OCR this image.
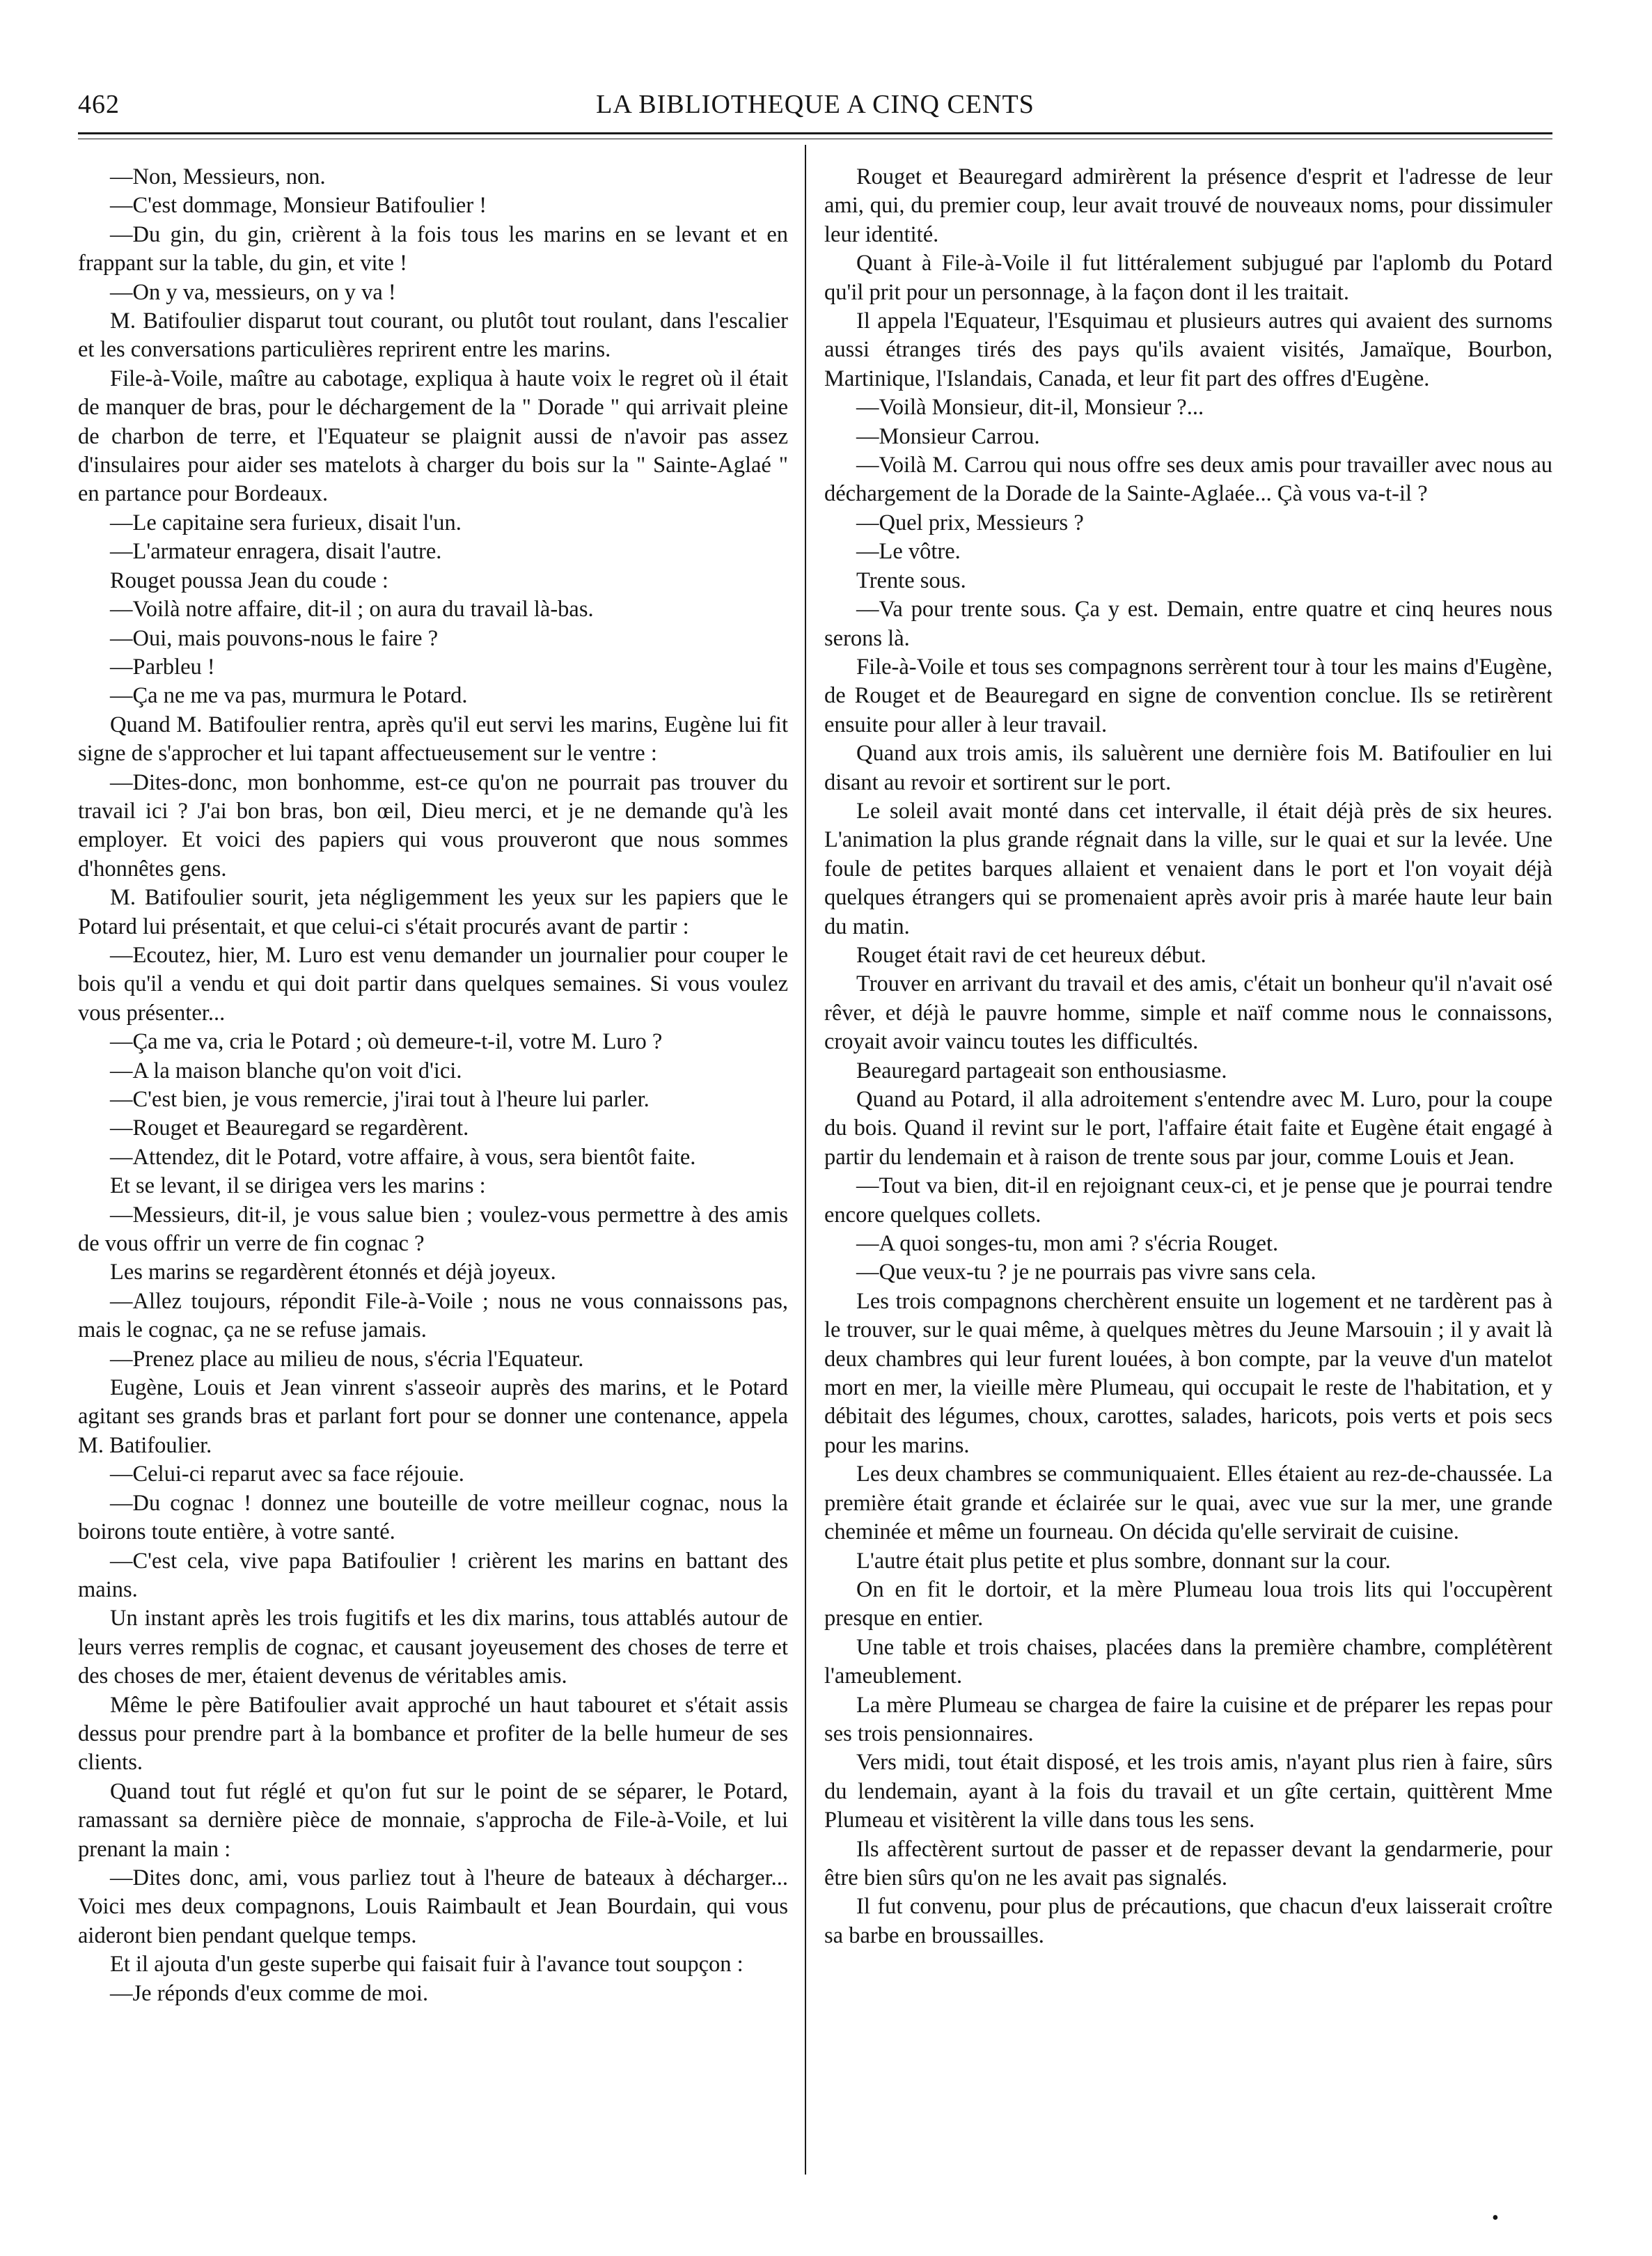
462	LA BIBLIOTHEQUE A CINQ CENTS

—Non, Messieurs, non.

—C'est dommage, Monsieur Batifoulier !

—Du gin, du gin, crièrent à la fois tous les marins en se levant et en frappant sur la table, du gin, et vite !

—On y va, messieurs, on y va !

M. Batifoulier disparut tout courant, ou plutôt tout roulant, dans l'escalier et les conversations particulières reprirent entre les marins.

File-à-Voile, maître au cabotage, expliqua à haute voix le regret où il était de manquer de bras, pour le déchargement de la " Dorade " qui arrivait pleine de charbon de terre, et l'Equateur se plaignit aussi de n'avoir pas assez d'insulaires pour aider ses matelots à charger du bois sur la " Sainte-Aglaé " en partance pour Bordeaux.

—Le capitaine sera furieux, disait l'un.

—L'armateur enragera, disait l'autre.

Rouget poussa Jean du coude :

—Voilà notre affaire, dit-il ; on aura du travail là-bas.

—Oui, mais pouvons-nous le faire ?

—Parbleu !

—Ça ne me va pas, murmura le Potard.

Quand M. Batifoulier rentra, après qu'il eut servi les marins, Eugène lui fit signe de s'approcher et lui tapant affectueusement sur le ventre :

—Dites-donc, mon bonhomme, est-ce qu'on ne pourrait pas trouver du travail ici ? J'ai bon bras, bon œil, Dieu merci, et je ne demande qu'à les employer. Et voici des papiers qui vous prouveront que nous sommes d'honnêtes gens.

M. Batifoulier sourit, jeta négligemment les yeux sur les papiers que le Potard lui présentait, et que celui-ci s'était procurés avant de partir :

—Ecoutez, hier, M. Luro est venu demander un journalier pour couper le bois qu'il a vendu et qui doit partir dans quelques semaines. Si vous voulez vous présenter...

—Ça me va, cria le Potard ; où demeure-t-il, votre M. Luro ?

—A la maison blanche qu'on voit d'ici.

—C'est bien, je vous remercie, j'irai tout à l'heure lui parler.

—Rouget et Beauregard se regardèrent.

—Attendez, dit le Potard, votre affaire, à vous, sera bientôt faite.

Et se levant, il se dirigea vers les marins :

—Messieurs, dit-il, je vous salue bien ; voulez-vous permettre à des amis de vous offrir un verre de fin cognac ?

Les marins se regardèrent étonnés et déjà joyeux.

—Allez toujours, répondit File-à-Voile ; nous ne vous connaissons pas, mais le cognac, ça ne se refuse jamais.

—Prenez place au milieu de nous, s'écria l'Equateur.

Eugène, Louis et Jean vinrent s'asseoir auprès des marins, et le Potard agitant ses grands bras et parlant fort pour se donner une contenance, appela M. Batifoulier.

—Celui-ci reparut avec sa face réjouie.

—Du cognac ! donnez une bouteille de votre meilleur cognac, nous la boirons toute entière, à votre santé.

—C'est cela, vive papa Batifoulier ! crièrent les marins en battant des mains.

Un instant après les trois fugitifs et les dix marins, tous attablés autour de leurs verres remplis de cognac, et causant joyeusement des choses de terre et des choses de mer, étaient devenus de véritables amis.

Même le père Batifoulier avait approché un haut tabouret et s'était assis dessus pour prendre part à la bombance et profiter de la belle humeur de ses clients.

Quand tout fut réglé et qu'on fut sur le point de se séparer, le Potard, ramassant sa dernière pièce de monnaie, s'approcha de File-à-Voile, et lui prenant la main :

—Dites donc, ami, vous parliez tout à l'heure de bateaux à décharger... Voici mes deux compagnons, Louis Raimbault et Jean Bourdain, qui vous aideront bien pendant quelque temps.

Et il ajouta d'un geste superbe qui faisait fuir à l'avance tout soupçon :

—Je réponds d'eux comme de moi.

Rouget et Beauregard admirèrent la présence d'esprit et l'adresse de leur ami, qui, du premier coup, leur avait trouvé de nouveaux noms, pour dissimuler leur identité.

Quant à File-à-Voile il fut littéralement subjugué par l'aplomb du Potard qu'il prit pour un personnage, à la façon dont il les traitait.

Il appela l'Equateur, l'Esquimau et plusieurs autres qui avaient des surnoms aussi étranges tirés des pays qu'ils avaient visités, Jamaïque, Bourbon, Martinique, l'Islandais, Canada, et leur fit part des offres d'Eugène.

—Voilà Monsieur, dit-il, Monsieur ?...

—Monsieur Carrou.

—Voilà M. Carrou qui nous offre ses deux amis pour travailler avec nous au déchargement de la Dorade de la Sainte-Aglaée... Çà vous va-t-il ?

—Quel prix, Messieurs ?

—Le vôtre.

Trente sous.

—Va pour trente sous. Ça y est. Demain, entre quatre et cinq heures nous serons là.

File-à-Voile et tous ses compagnons serrèrent tour à tour les mains d'Eugène, de Rouget et de Beauregard en signe de convention conclue. Ils se retirèrent ensuite pour aller à leur travail.

Quand aux trois amis, ils saluèrent une dernière fois M. Batifoulier en lui disant au revoir et sortirent sur le port.

Le soleil avait monté dans cet intervalle, il était déjà près de six heures. L'animation la plus grande régnait dans la ville, sur le quai et sur la levée. Une foule de petites barques allaient et venaient dans le port et l'on voyait déjà quelques étrangers qui se promenaient après avoir pris à marée haute leur bain du matin.

Rouget était ravi de cet heureux début.

Trouver en arrivant du travail et des amis, c'était un bonheur qu'il n'avait osé rêver, et déjà le pauvre homme, simple et naïf comme nous le connaissons, croyait avoir vaincu toutes les difficultés.

Beauregard partageait son enthousiasme.

Quand au Potard, il alla adroitement s'entendre avec M. Luro, pour la coupe du bois. Quand il revint sur le port, l'affaire était faite et Eugène était engagé à partir du lendemain et à raison de trente sous par jour, comme Louis et Jean.

—Tout va bien, dit-il en rejoignant ceux-ci, et je pense que je pourrai tendre encore quelques collets.

—A quoi songes-tu, mon ami ? s'écria Rouget.

—Que veux-tu ? je ne pourrais pas vivre sans cela.

Les trois compagnons cherchèrent ensuite un logement et ne tardèrent pas à le trouver, sur le quai même, à quelques mètres du Jeune Marsouin ; il y avait là deux chambres qui leur furent louées, à bon compte, par la veuve d'un matelot mort en mer, la vieille mère Plumeau, qui occupait le reste de l'habitation, et y débitait des légumes, choux, carottes, salades, haricots, pois verts et pois secs pour les marins.

Les deux chambres se communiquaient. Elles étaient au rez-de-chaussée. La première était grande et éclairée sur le quai, avec vue sur la mer, une grande cheminée et même un fourneau. On décida qu'elle servirait de cuisine.

L'autre était plus petite et plus sombre, donnant sur la cour.

On en fit le dortoir, et la mère Plumeau loua trois lits qui l'occupèrent presque en entier.

Une table et trois chaises, placées dans la première chambre, complétèrent l'ameublement.

La mère Plumeau se chargea de faire la cuisine et de préparer les repas pour ses trois pensionnaires.

Vers midi, tout était disposé, et les trois amis, n'ayant plus rien à faire, sûrs du lendemain, ayant à la fois du travail et un gîte certain, quittèrent Mme Plumeau et visitèrent la ville dans tous les sens.

Ils affectèrent surtout de passer et de repasser devant la gendarmerie, pour être bien sûrs qu'on ne les avait pas signalés.

Il fut convenu, pour plus de précautions, que chacun d'eux laisserait croître sa barbe en broussailles.

•
